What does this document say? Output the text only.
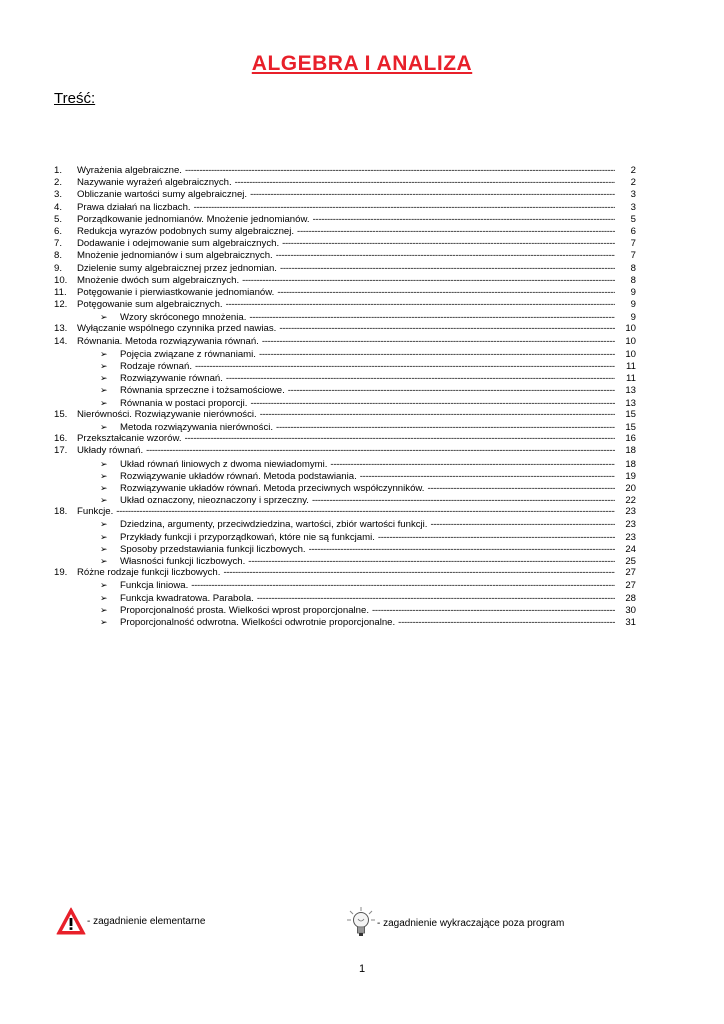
ALGEBRA I ANALIZA
Treść:
1.	Wyrażenia algebraiczne. -----	2
2.	Nazywanie wyrażeń algebraicznych. -----	2
3.	Obliczanie wartości sumy algebraicznej. -----	3
4.	Prawa działań na liczbach. -----	3
5.	Porządkowanie jednomianów. Mnożenie jednomianów. -----	5
6.	Redukcja wyrazów podobnych sumy algebraicznej. -----	6
7.	Dodawanie i odejmowanie sum algebraicznych. -----	7
8.	Mnożenie jednomianów i sum algebraicznych. -----	7
9.	Dzielenie sumy algebraicznej przez jednomian. -----	8
10.	Mnożenie dwóch sum algebraicznych. -----	8
11.	Potęgowanie i pierwiastkowanie jednomianów. -----	9
12.	Potęgowanie sum algebraicznych. -----	9
➢	Wzory skróconego mnożenia. -----	9
13.	Wyłączanie wspólnego czynnika przed nawias. -----	10
14.	Równania. Metoda rozwiązywania równań. -----	10
➢	Pojęcia związane z równaniami. -----	10
➢	Rodzaje równań. -----	11
➢	Rozwiązywanie równań. -----	11
➢	Równania sprzeczne i tożsamościowe. -----	13
➢	Równania w postaci proporcji. -----	13
15.	Nierówności. Rozwiązywanie nierówności. -----	15
➢	Metoda rozwiązywania nierówności. -----	15
16.	Przekształcanie wzorów. -----	16
17.	Układy równań. -----	18
➢	Układ równań liniowych z dwoma niewiadomymi. -----	18
➢	Rozwiązywanie układów równań. Metoda podstawiania. -----	19
➢	Rozwiązywanie układów równań. Metoda przeciwnych współczynników. -----	20
➢	Układ oznaczony, nieoznaczony i sprzeczny. -----	22
18.	Funkcje. -----	23
➢	Dziedzina, argumenty, przeciwdziedzina, wartości, zbiór wartości funkcji. -----	23
➢	Przykłady funkcji i przyporządkowań, które nie są funkcjami. -----	23
➢	Sposoby przedstawiania funkcji liczbowych. -----	24
➢	Własności funkcji liczbowych. -----	25
19.	Różne rodzaje funkcji liczbowych. -----	27
➢	Funkcja liniowa. -----	27
➢	Funkcja kwadratowa. Parabola. -----	28
➢	Proporcjonalność prosta. Wielkości wprost proporcjonalne. -----	30
➢	Proporcjonalność odwrotna. Wielkości odwrotnie proporcjonalne. -----	31
- zagadnienie elementarne	- zagadnienie wykraczające poza program
1
